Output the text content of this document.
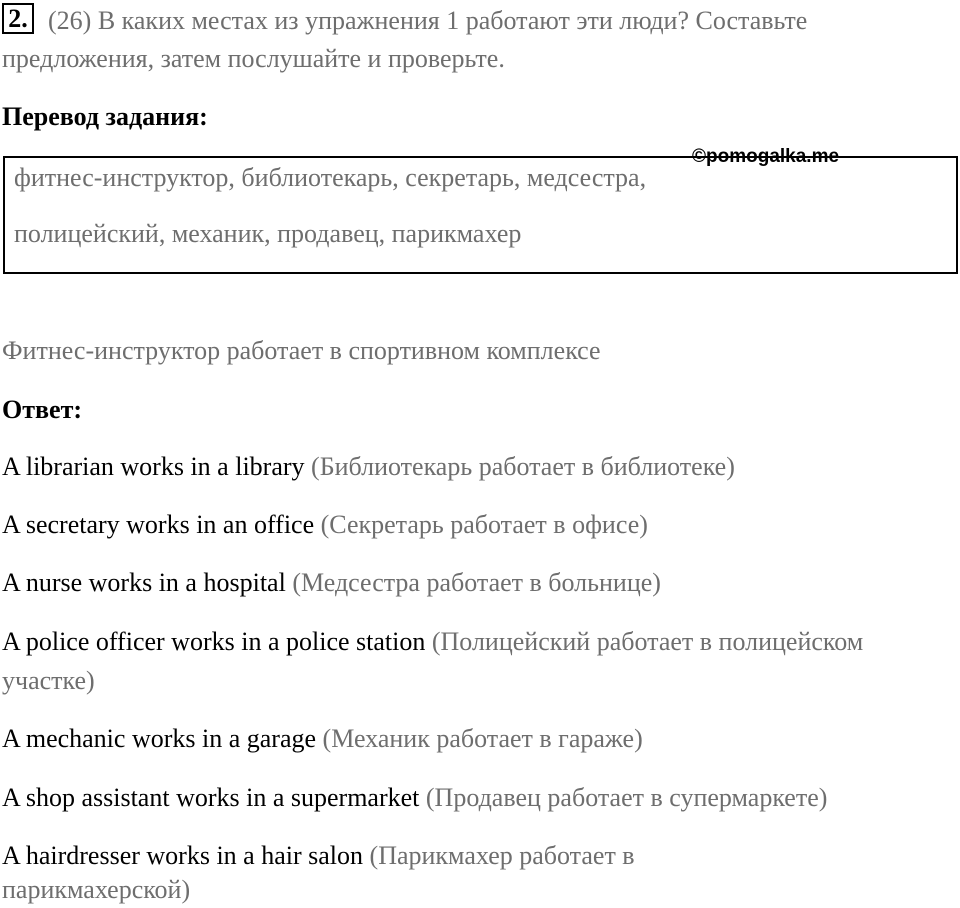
2. (26) В каких местах из упражнения 1 работают эти люди? Составьте
предложения, затем послушайте и проверьте.
Перевод задания:
фитнес-инструктор, библиотекарь, секретарь, медсестра,
полицейский, механик, продавец, парикмахер
©pomogalka.me
Фитнес-инструктор работает в спортивном комплексе
Ответ:
A librarian works in a library (Библиотекарь работает в библиотеке)
A secretary works in an office (Секретарь работает в офисе)
A nurse works in a hospital (Медсестра работает в больнице)
A police officer works in a police station (Полицейский работает в полицейском
участке)
A mechanic works in a garage (Механик работает в гараже)
A shop assistant works in a supermarket (Продавец работает в супермаркете)
A hairdresser works in a hair salon (Парикмахер работает в
парикмахерской)
